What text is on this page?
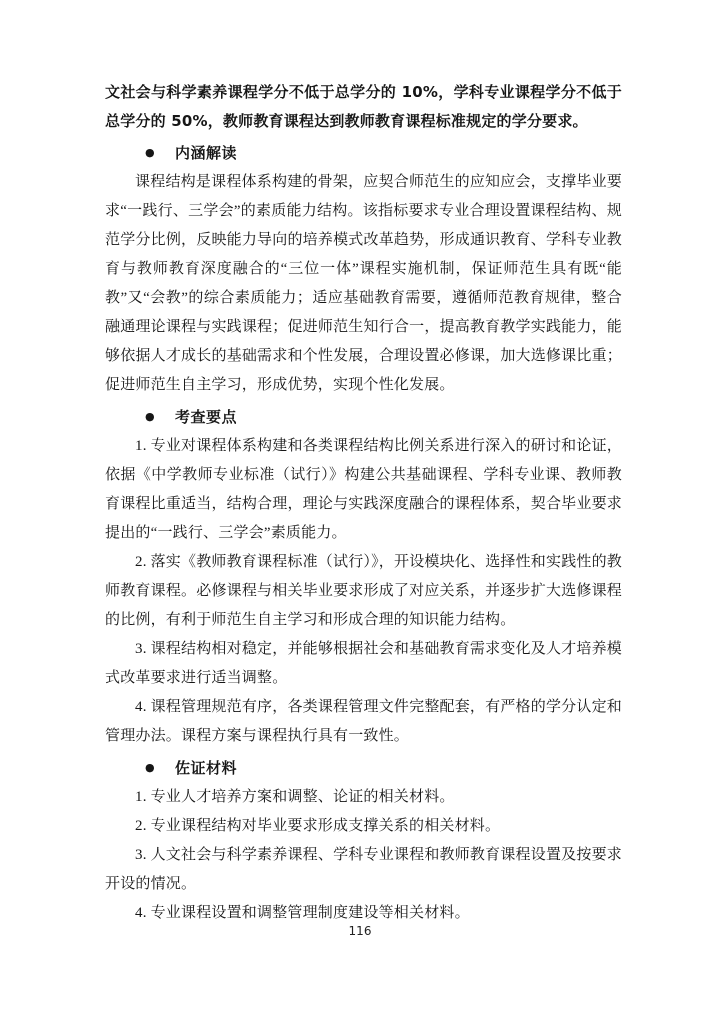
文社会与科学素养课程学分不低于总学分的 10%，学科专业课程学分不低于总学分的 50%，教师教育课程达到教师教育课程标准规定的学分要求。

● 内涵解读

课程结构是课程体系构建的骨架，应契合师范生的应知应会，支撑毕业要求“一践行、三学会”的素质能力结构。该指标要求专业合理设置课程结构、规范学分比例，反映能力导向的培养模式改革趋势，形成通识教育、学科专业教育与教师教育深度融合的“三位一体”课程实施机制，保证师范生具有既“能教”又“会教”的综合素质能力；适应基础教育需要，遵循师范教育规律，整合融通理论课程与实践课程；促进师范生知行合一，提高教育教学实践能力，能够依据人才成长的基础需求和个性发展，合理设置必修课，加大选修课比重；促进师范生自主学习，形成优势，实现个性化发展。

● 考查要点

1. 专业对课程体系构建和各类课程结构比例关系进行深入的研讨和论证，依据《中学教师专业标准（试行）》构建公共基础课程、学科专业课、教师教育课程比重适当，结构合理，理论与实践深度融合的课程体系，契合毕业要求提出的“一践行、三学会”素质能力。

2. 落实《教师教育课程标准（试行）》，开设模块化、选择性和实践性的教师教育课程。必修课程与相关毕业要求形成了对应关系，并逐步扩大选修课程的比例，有利于师范生自主学习和形成合理的知识能力结构。

3. 课程结构相对稳定，并能够根据社会和基础教育需求变化及人才培养模式改革要求进行适当调整。

4. 课程管理规范有序，各类课程管理文件完整配套，有严格的学分认定和管理办法。课程方案与课程执行具有一致性。

● 佐证材料

1. 专业人才培养方案和调整、论证的相关材料。

2. 专业课程结构对毕业要求形成支撑关系的相关材料。

3. 人文社会与科学素养课程、学科专业课程和教师教育课程设置及按要求开设的情况。

4. 专业课程设置和调整管理制度建设等相关材料。

116
